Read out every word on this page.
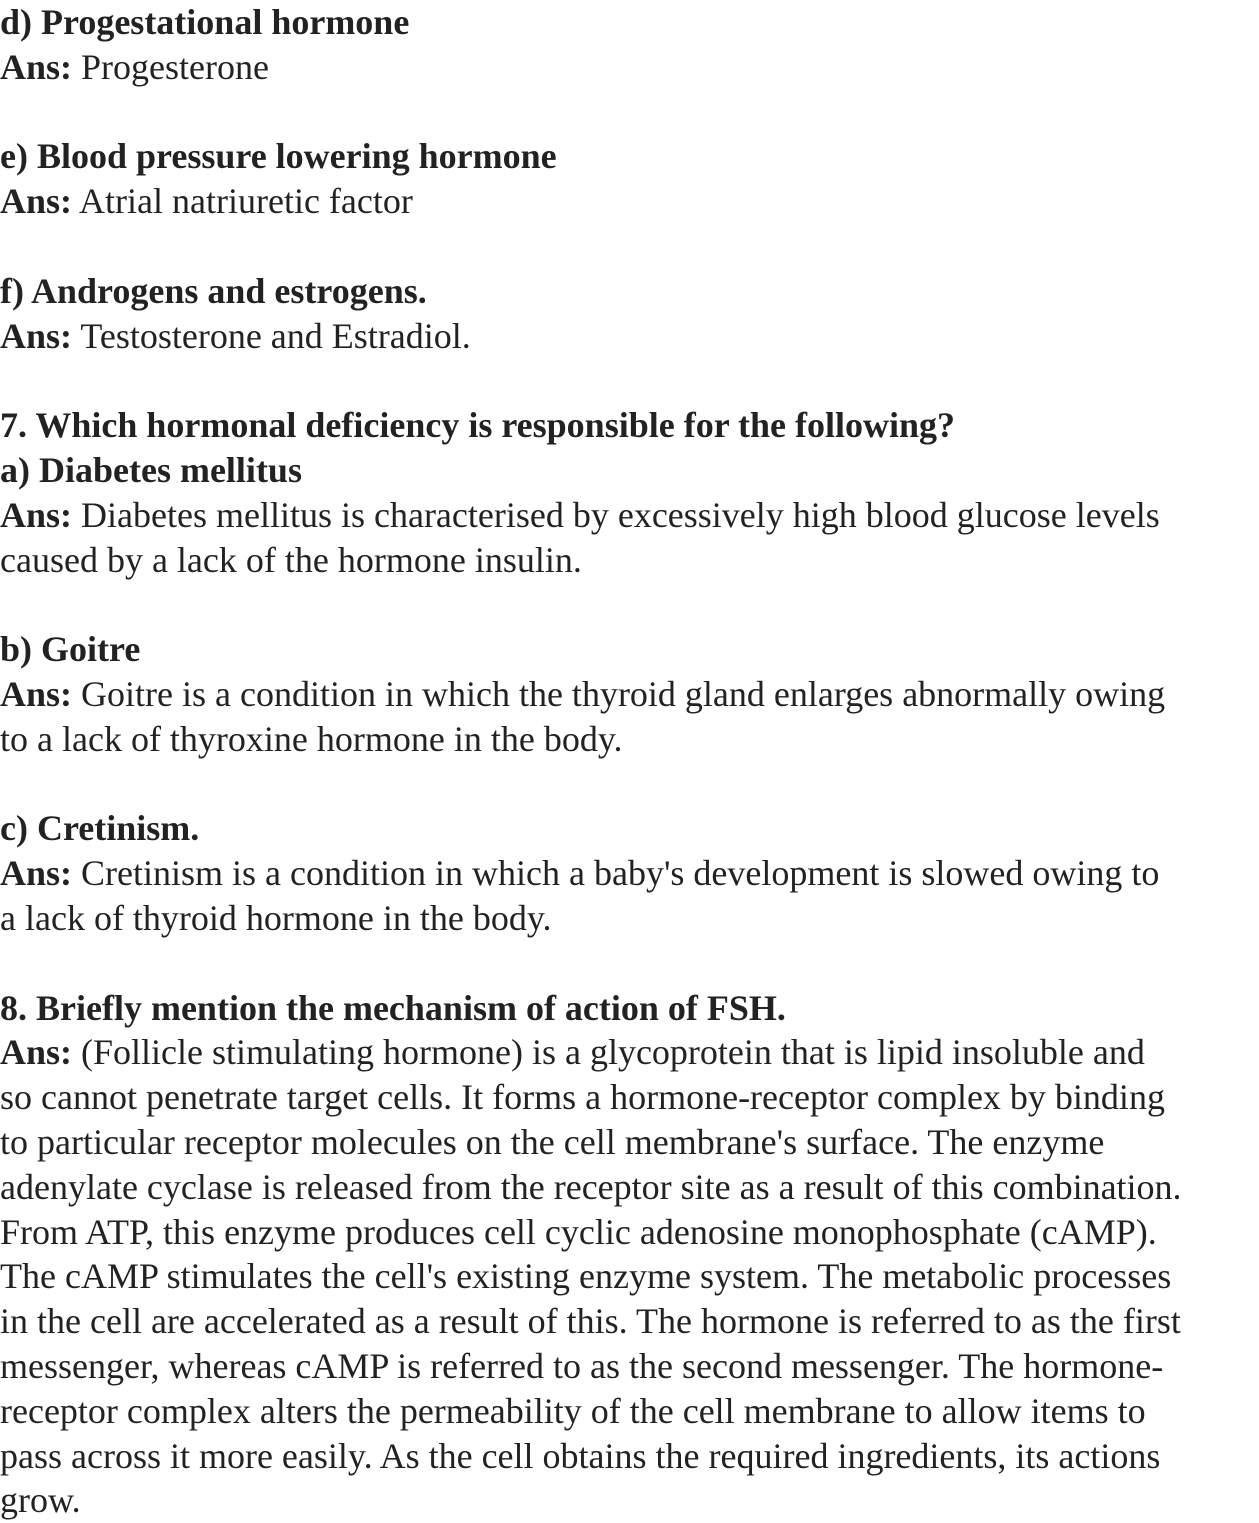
d) Progestational hormone
Ans: Progesterone
e) Blood pressure lowering hormone
Ans: Atrial natriuretic factor
f) Androgens and estrogens.
Ans: Testosterone and Estradiol.
7. Which hormonal deficiency is responsible for the following?
a) Diabetes mellitus
Ans: Diabetes mellitus is characterised by excessively high blood glucose levels
caused by a lack of the hormone insulin.
b) Goitre
Ans: Goitre is a condition in which the thyroid gland enlarges abnormally owing
to a lack of thyroxine hormone in the body.
c) Cretinism.
Ans: Cretinism is a condition in which a baby's development is slowed owing to
a lack of thyroid hormone in the body.
8. Briefly mention the mechanism of action of FSH.
Ans: (Follicle stimulating hormone) is a glycoprotein that is lipid insoluble and
so cannot penetrate target cells. It forms a hormone-receptor complex by binding
to particular receptor molecules on the cell membrane's surface. The enzyme
adenylate cyclase is released from the receptor site as a result of this combination.
From ATP, this enzyme produces cell cyclic adenosine monophosphate (cAMP).
The cAMP stimulates the cell's existing enzyme system. The metabolic processes
in the cell are accelerated as a result of this. The hormone is referred to as the first
messenger, whereas cAMP is referred to as the second messenger. The hormone-
receptor complex alters the permeability of the cell membrane to allow items to
pass across it more easily. As the cell obtains the required ingredients, its actions
grow.
